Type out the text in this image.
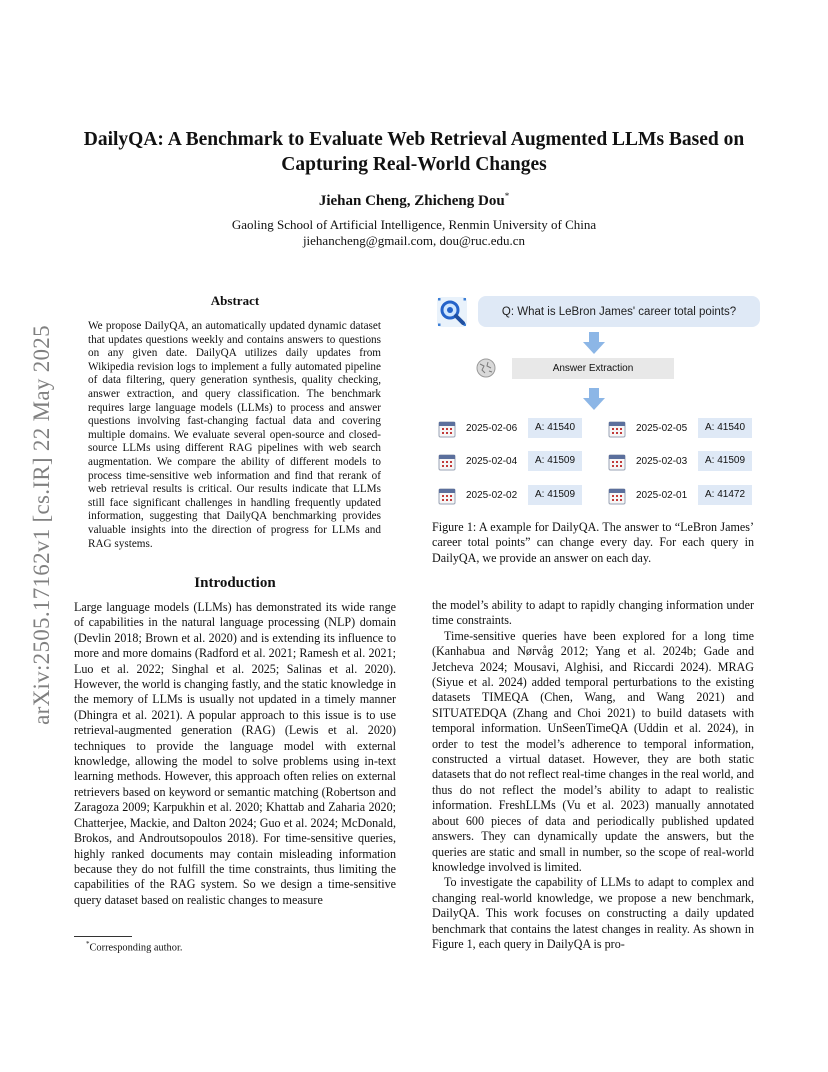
arXiv:2505.17162v1 [cs.IR] 22 May 2025
DailyQA: A Benchmark to Evaluate Web Retrieval Augmented LLMs Based on
Capturing Real-World Changes
Jiehan Cheng, Zhicheng Dou*
Gaoling School of Artificial Intelligence, Renmin University of China
jiehancheng@gmail.com, dou@ruc.edu.cn
Abstract
We propose DailyQA, an automatically updated dynamic dataset that updates questions weekly and contains answers to questions on any given date. DailyQA utilizes daily updates from Wikipedia revision logs to implement a fully automated pipeline of data filtering, query generation synthesis, quality checking, answer extraction, and query classification. The benchmark requires large language models (LLMs) to process and answer questions involving fast-changing factual data and covering multiple domains. We evaluate several open-source and closed-source LLMs using different RAG pipelines with web search augmentation. We compare the ability of different models to process time-sensitive web information and find that rerank of web retrieval results is critical. Our results indicate that LLMs still face significant challenges in handling frequently updated information, suggesting that DailyQA benchmarking provides valuable insights into the direction of progress for LLMs and RAG systems.
Introduction
Large language models (LLMs) has demonstrated its wide range of capabilities in the natural language processing (NLP) domain (Devlin 2018; Brown et al. 2020) and is extending its influence to more and more domains (Radford et al. 2021; Ramesh et al. 2021; Luo et al. 2022; Singhal et al. 2025; Salinas et al. 2020). However, the world is changing fastly, and the static knowledge in the memory of LLMs is usually not updated in a timely manner (Dhingra et al. 2021). A popular approach to this issue is to use retrieval-augmented generation (RAG) (Lewis et al. 2020) techniques to provide the language model with external knowledge, allowing the model to solve problems using in-text learning methods. However, this approach often relies on external retrievers based on keyword or semantic matching (Robertson and Zaragoza 2009; Karpukhin et al. 2020; Khattab and Zaharia 2020; Chatterjee, Mackie, and Dalton 2024; Guo et al. 2024; McDonald, Brokos, and Androutsopoulos 2018). For time-sensitive queries, highly ranked documents may contain misleading information because they do not fulfill the time constraints, thus limiting the capabilities of the RAG system. So we design a time-sensitive query dataset based on realistic changes to measure
*Corresponding author.
Q: What is LeBron James' career total points?
Answer Extraction
2025-02-06	A: 41540	2025-02-05	A: 41540
2025-02-04	A: 41509	2025-02-03	A: 41509
2025-02-02	A: 41509	2025-02-01	A: 41472
Figure 1: A example for DailyQA. The answer to “LeBron James’ career total points” can change every day. For each query in DailyQA, we provide an answer on each day.

the model’s ability to adapt to rapidly changing information under time constraints.

Time-sensitive queries have been explored for a long time (Kanhabua and Nørvåg 2012; Yang et al. 2024b; Gade and Jetcheva 2024; Mousavi, Alghisi, and Riccardi 2024). MRAG (Siyue et al. 2024) added temporal perturbations to the existing datasets TIMEQA (Chen, Wang, and Wang 2021) and SITUATEDQA (Zhang and Choi 2021) to build datasets with temporal information. UnSeenTimeQA (Uddin et al. 2024), in order to test the model’s adherence to temporal information, constructed a virtual dataset. However, they are both static datasets that do not reflect real-time changes in the real world, and thus do not reflect the model’s ability to adapt to realistic information. FreshLLMs (Vu et al. 2023) manually annotated about 600 pieces of data and periodically published updated answers. They can dynamically update the answers, but the queries are static and small in number, so the scope of real-world knowledge involved is limited.

To investigate the capability of LLMs to adapt to complex and changing real-world knowledge, we propose a new benchmark, DailyQA. This work focuses on constructing a daily updated benchmark that contains the latest changes in reality. As shown in Figure 1, each query in DailyQA is pro-
